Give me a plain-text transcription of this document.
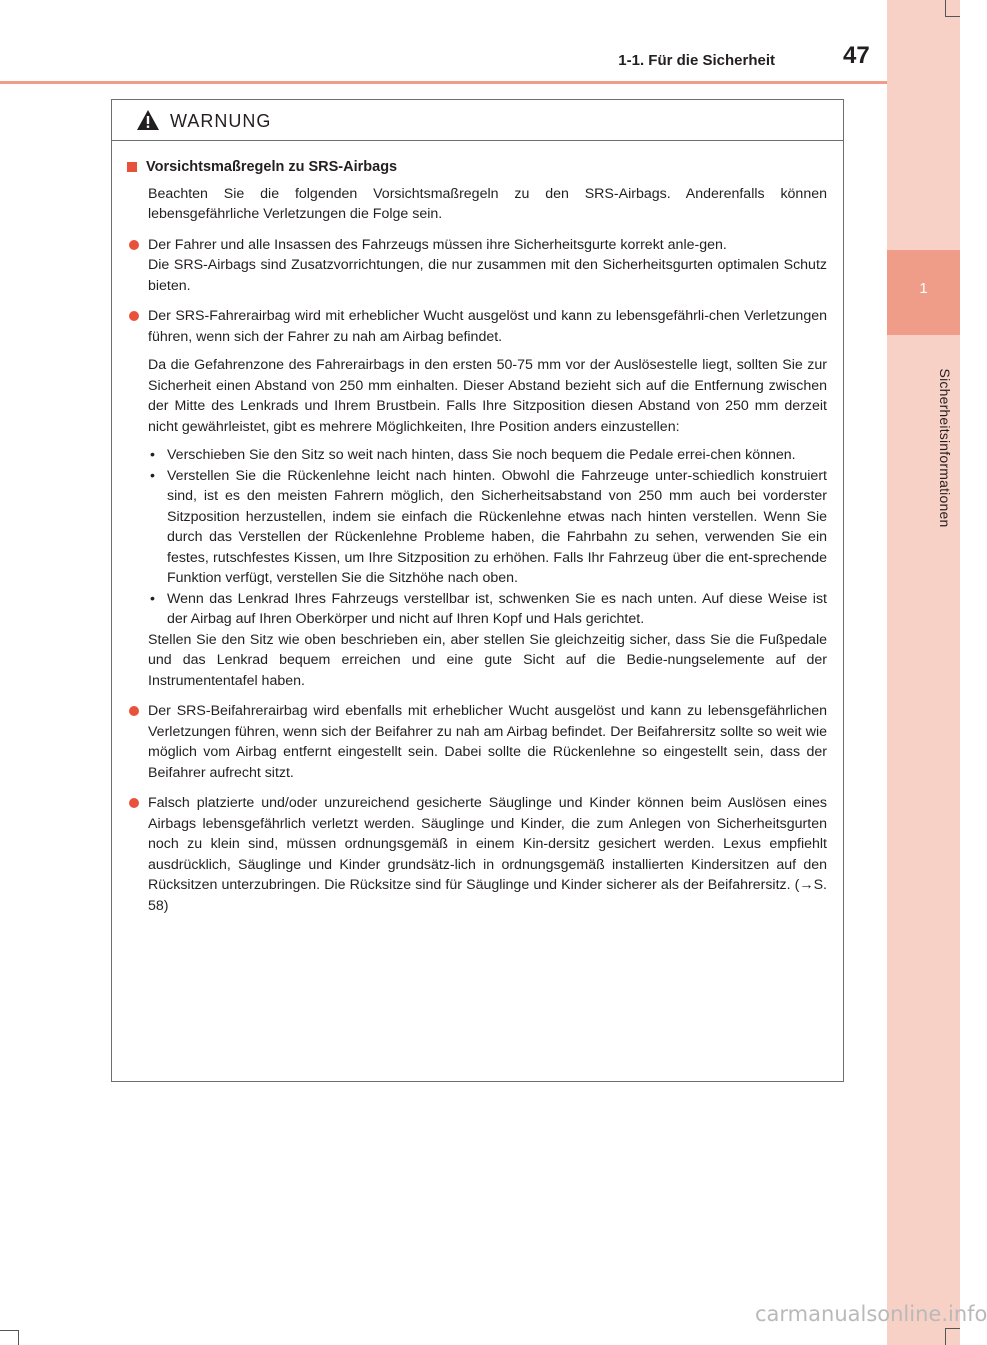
1
Sicherheitsinformationen
1-1. Für die Sicherheit	47
WARNUNG
Vorsichtsmaßregeln zu SRS-Airbags
Beachten Sie die folgenden Vorsichtsmaßregeln zu den SRS-Airbags. Anderenfalls können lebensgefährliche Verletzungen die Folge sein.
Der Fahrer und alle Insassen des Fahrzeugs müssen ihre Sicherheitsgurte korrekt anle-gen.
Die SRS-Airbags sind Zusatzvorrichtungen, die nur zusammen mit den Sicherheitsgurten optimalen Schutz bieten.
Der SRS-Fahrerairbag wird mit erheblicher Wucht ausgelöst und kann zu lebensgefährli-chen Verletzungen führen, wenn sich der Fahrer zu nah am Airbag befindet.
Da die Gefahrenzone des Fahrerairbags in den ersten 50-75 mm vor der Auslösestelle liegt, sollten Sie zur Sicherheit einen Abstand von 250 mm einhalten. Dieser Abstand bezieht sich auf die Entfernung zwischen der Mitte des Lenkrads und Ihrem Brustbein. Falls Ihre Sitzposition diesen Abstand von 250 mm derzeit nicht gewährleistet, gibt es mehrere Möglichkeiten, Ihre Position anders einzustellen:
• Verschieben Sie den Sitz so weit nach hinten, dass Sie noch bequem die Pedale errei-chen können.
• Verstellen Sie die Rückenlehne leicht nach hinten. Obwohl die Fahrzeuge unter-schiedlich konstruiert sind, ist es den meisten Fahrern möglich, den Sicherheitsabstand von 250 mm auch bei vorderster Sitzposition herzustellen, indem sie einfach die Rückenlehne etwas nach hinten verstellen. Wenn Sie durch das Verstellen der Rückenlehne Probleme haben, die Fahrbahn zu sehen, verwenden Sie ein festes, rutschfestes Kissen, um Ihre Sitzposition zu erhöhen. Falls Ihr Fahrzeug über die ent-sprechende Funktion verfügt, verstellen Sie die Sitzhöhe nach oben.
• Wenn das Lenkrad Ihres Fahrzeugs verstellbar ist, schwenken Sie es nach unten. Auf diese Weise ist der Airbag auf Ihren Oberkörper und nicht auf Ihren Kopf und Hals gerichtet.
Stellen Sie den Sitz wie oben beschrieben ein, aber stellen Sie gleichzeitig sicher, dass Sie die Fußpedale und das Lenkrad bequem erreichen und eine gute Sicht auf die Bedie-nungselemente auf der Instrumententafel haben.
Der SRS-Beifahrerairbag wird ebenfalls mit erheblicher Wucht ausgelöst und kann zu lebensgefährlichen Verletzungen führen, wenn sich der Beifahrer zu nah am Airbag befindet. Der Beifahrersitz sollte so weit wie möglich vom Airbag entfernt eingestellt sein. Dabei sollte die Rückenlehne so eingestellt sein, dass der Beifahrer aufrecht sitzt.
Falsch platzierte und/oder unzureichend gesicherte Säuglinge und Kinder können beim Auslösen eines Airbags lebensgefährlich verletzt werden. Säuglinge und Kinder, die zum Anlegen von Sicherheitsgurten noch zu klein sind, müssen ordnungsgemäß in einem Kin-dersitz gesichert werden. Lexus empfiehlt ausdrücklich, Säuglinge und Kinder grundsätz-lich in ordnungsgemäß installierten Kindersitzen auf den Rücksitzen unterzubringen. Die Rücksitze sind für Säuglinge und Kinder sicherer als der Beifahrersitz. (→S. 58)
carmanualsonline.info
